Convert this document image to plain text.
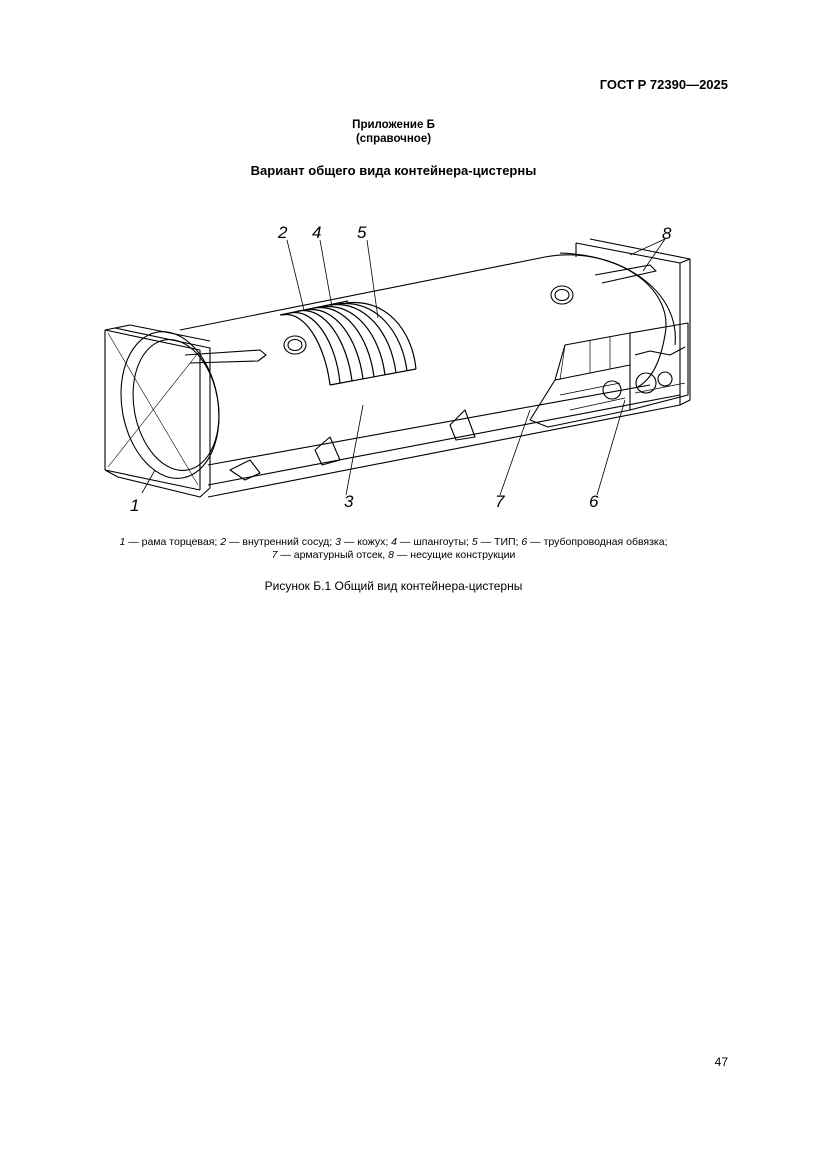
ГОСТ Р 72390—2025
Приложение Б
(справочное)
Вариант общего вида контейнера-цистерны
2 4 5	8
1	3	7	6
1 — рама торцевая; 2 — внутренний сосуд; 3 — кожух; 4 — шпангоуты; 5 — ТИП; 6 — трубопроводная обвязка;
7 — арматурный отсек, 8 — несущие конструкции
Рисунок Б.1 Общий вид контейнера-цистерны
47
